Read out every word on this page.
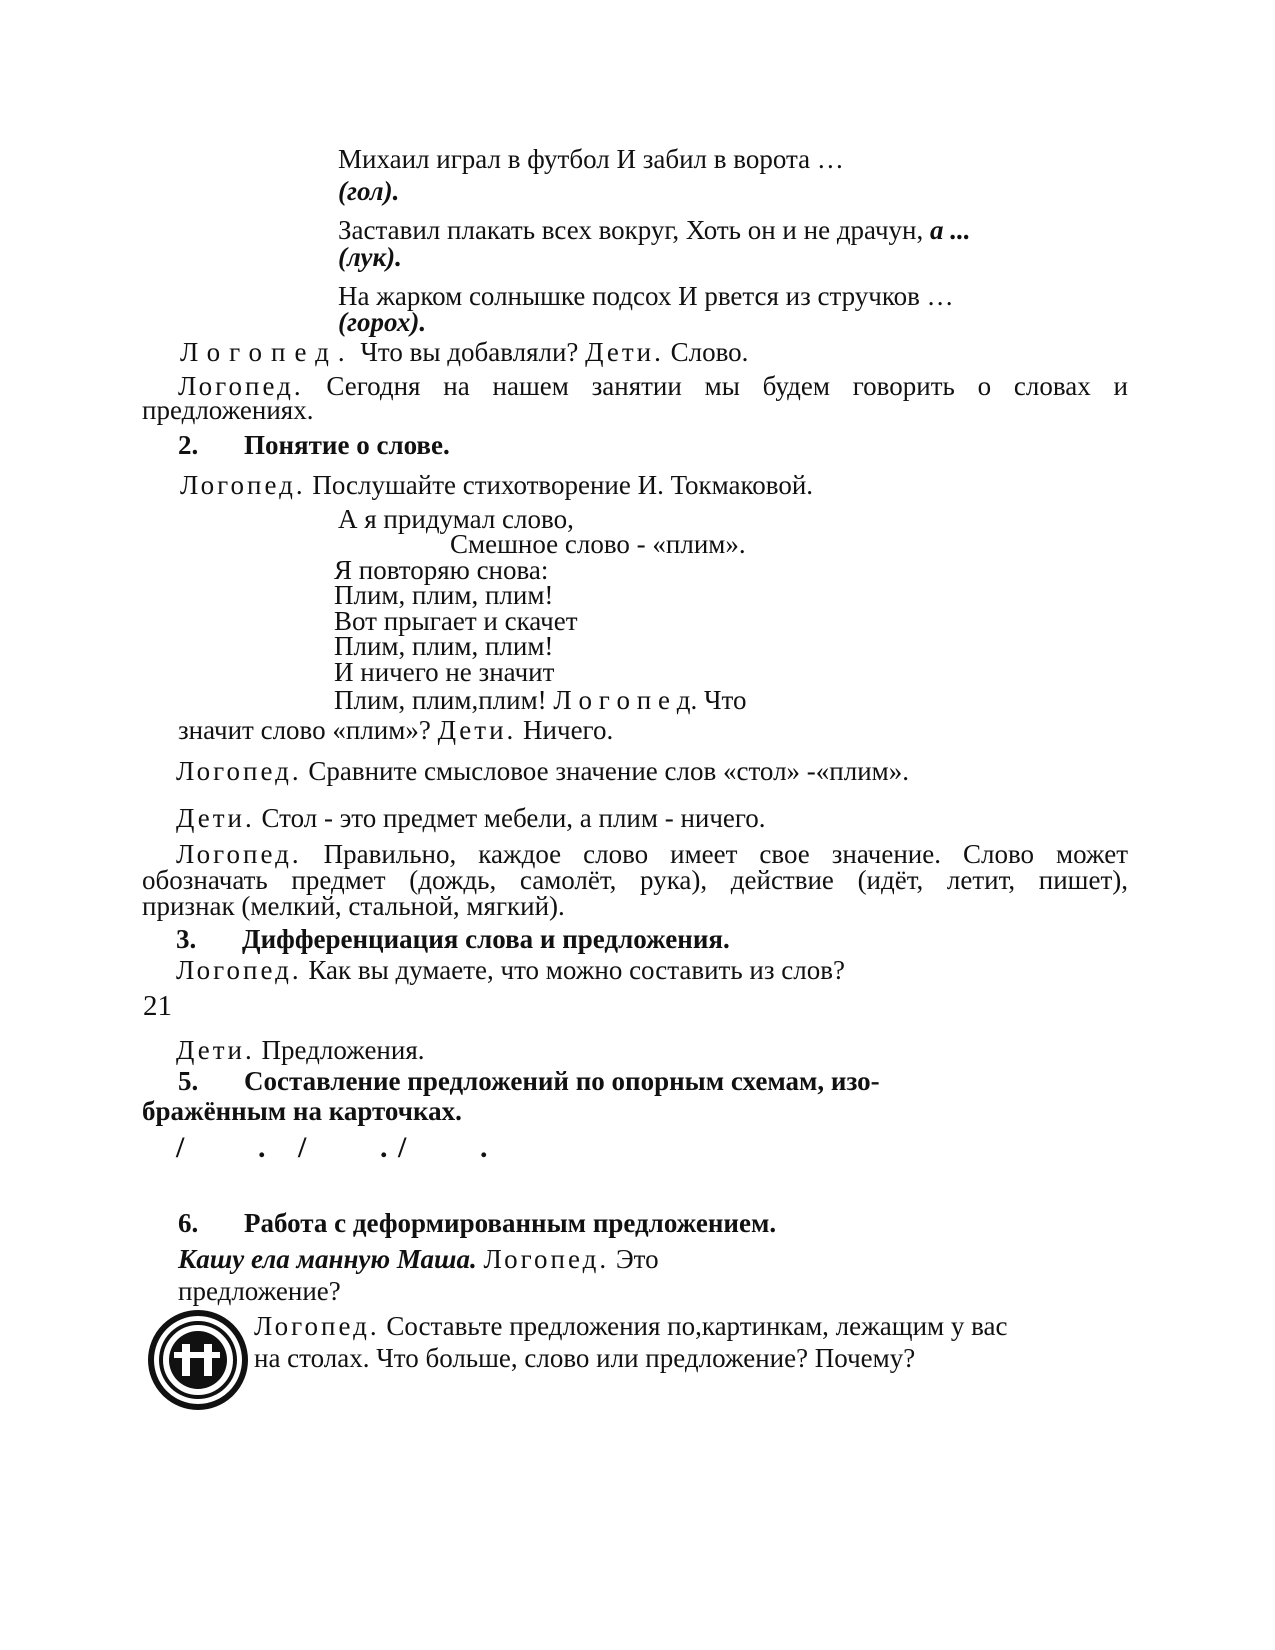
Михаил играл в футбол И забил в ворота …
(гол).
Заставил плакать всех вокруг, Хоть он и не драчун, а ...
(лук).
На жарком солнышке подсох И рвется из стручков …
(горох).
Логопед. Что вы добавляли? Дети. Слово.
Логопед. Сегодня на нашем занятии мы будем говорить о словах и
предложениях.
2. Понятие о слове.
Логопед. Послушайте стихотворение И. Токмаковой.
А я придумал слово,
Смешное слово - «плим».
Я повторяю снова:
Плим, плим, плим!
Вот прыгает и скачет
Плим, плим, плим!
И ничего не значит
Плим, плим,плим! Л о г о п е д. Что
значит слово «плим»? Дети. Ничего.
Логопед. Сравните смысловое значение слов «стол» -«плим».
Дети. Стол - это предмет мебели, а плим - ничего.
Логопед. Правильно, каждое слово имеет свое значение. Слово может
обозначать предмет (дождь, самолёт, рука), действие (идёт, летит, пишет),
признак (мелкий, стальной, мягкий).
3. Дифференциация слова и предложения.
Логопед. Как вы думаете, что можно составить из слов?
21
Дети. Предложения.
5. Составление предложений по опорным схемам, изо-
бражённым на карточках.
/ . / . / .
6. Работа с деформированным предложением.
Кашу ела манную Маша. Логопед. Это
предложение?
Логопед. Составьте предложения по,картинкам, лежащим у вас
на столах. Что больше, слово или предложение? Почему?
